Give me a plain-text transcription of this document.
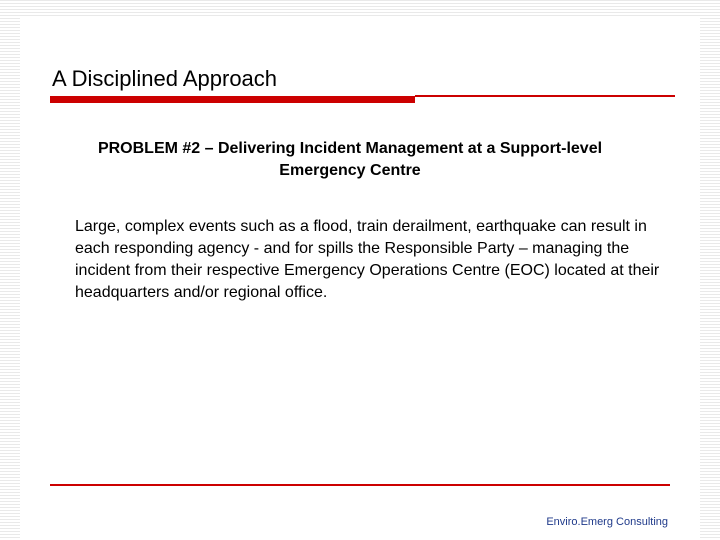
A Disciplined Approach
PROBLEM #2 – Delivering Incident Management at a Support-level
Emergency Centre
Large, complex events such as a flood, train derailment, earthquake can result in each responding agency - and for spills the Responsible Party – managing the incident from their respective Emergency Operations Centre (EOC) located at their headquarters and/or regional office.
Enviro.Emerg Consulting
